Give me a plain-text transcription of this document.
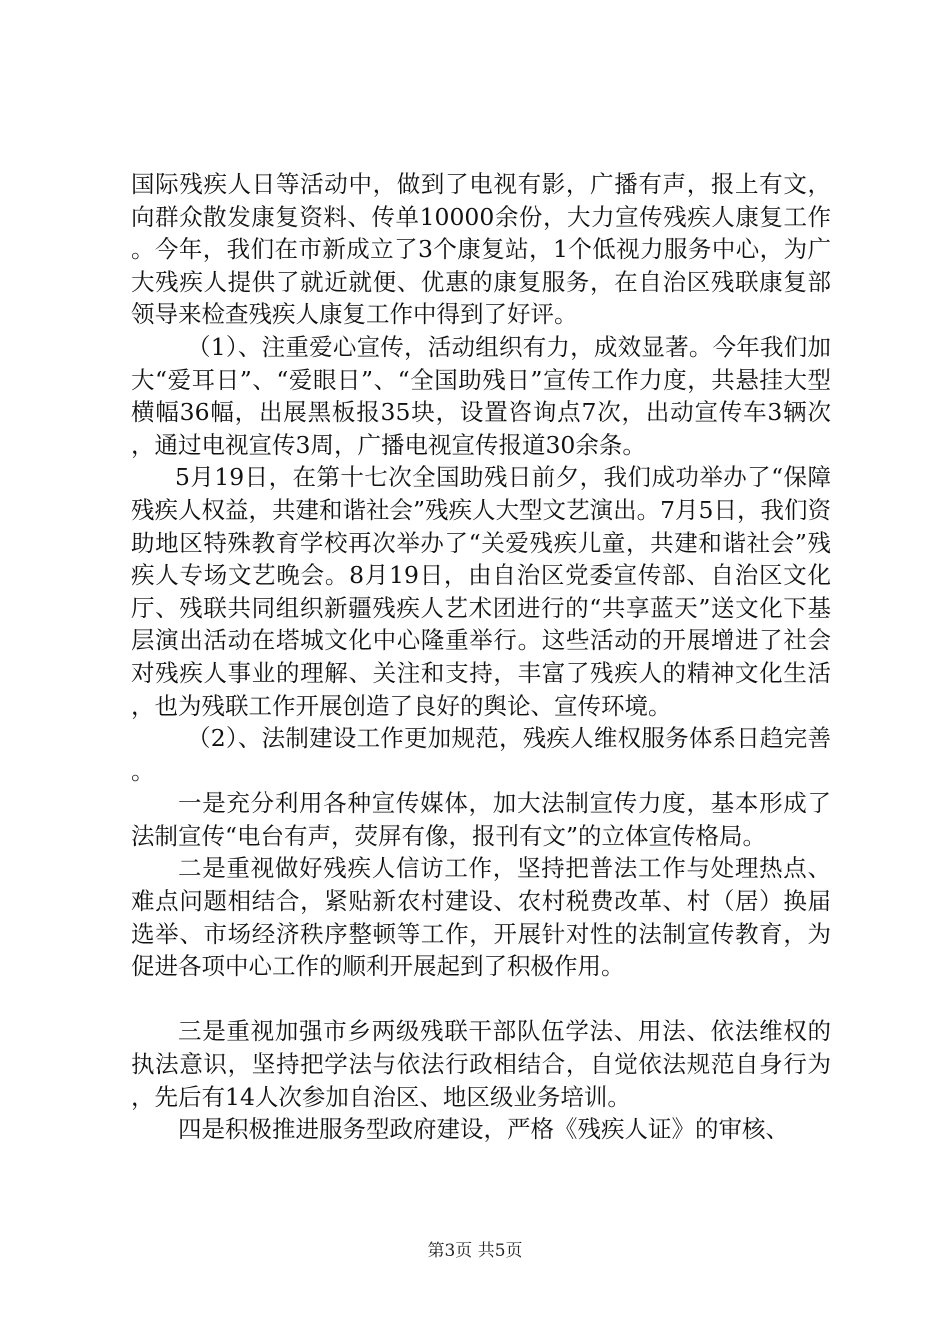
国际残疾人日等活动中，做到了电视有影，广播有声，报上有文，向群众散发康复资料、传单10000余份，大力宣传残疾人康复工作。今年，我们在市新成立了3个康复站，1个低视力服务中心，为广大残疾人提供了就近就便、优惠的康复服务，在自治区残联康复部领导来检查残疾人康复工作中得到了好评。

（1）、注重爱心宣传，活动组织有力，成效显著。今年我们加大“爱耳日”、“爱眼日”、“全国助残日”宣传工作力度，共悬挂大型横幅36幅，出展黑板报35块，设置咨询点7次，出动宣传车3辆次，通过电视宣传3周，广播电视宣传报道30余条。

5月19日，在第十七次全国助残日前夕，我们成功举办了“保障残疾人权益，共建和谐社会”残疾人大型文艺演出。7月5日，我们资助地区特殊教育学校再次举办了“关爱残疾儿童，共建和谐社会”残疾人专场文艺晚会。8月19日，由自治区党委宣传部、自治区文化厅、残联共同组织新疆残疾人艺术团进行的“共享蓝天”送文化下基层演出活动在塔城文化中心隆重举行。这些活动的开展增进了社会对残疾人事业的理解、关注和支持，丰富了残疾人的精神文化生活，也为残联工作开展创造了良好的舆论、宣传环境。

（2）、法制建设工作更加规范，残疾人维权服务体系日趋完善。

一是充分利用各种宣传媒体，加大法制宣传力度，基本形成了法制宣传“电台有声，荧屏有像，报刊有文”的立体宣传格局。

二是重视做好残疾人信访工作，坚持把普法工作与处理热点、难点问题相结合，紧贴新农村建设、农村税费改革、村（居）换届选举、市场经济秩序整顿等工作，开展针对性的法制宣传教育，为促进各项中心工作的顺利开展起到了积极作用。

三是重视加强市乡两级残联干部队伍学法、用法、依法维权的执法意识，坚持把学法与依法行政相结合，自觉依法规范自身行为，先后有14人次参加自治区、地区级业务培训。

四是积极推进服务型政府建设，严格《残疾人证》的审核、

第3页 共5页
